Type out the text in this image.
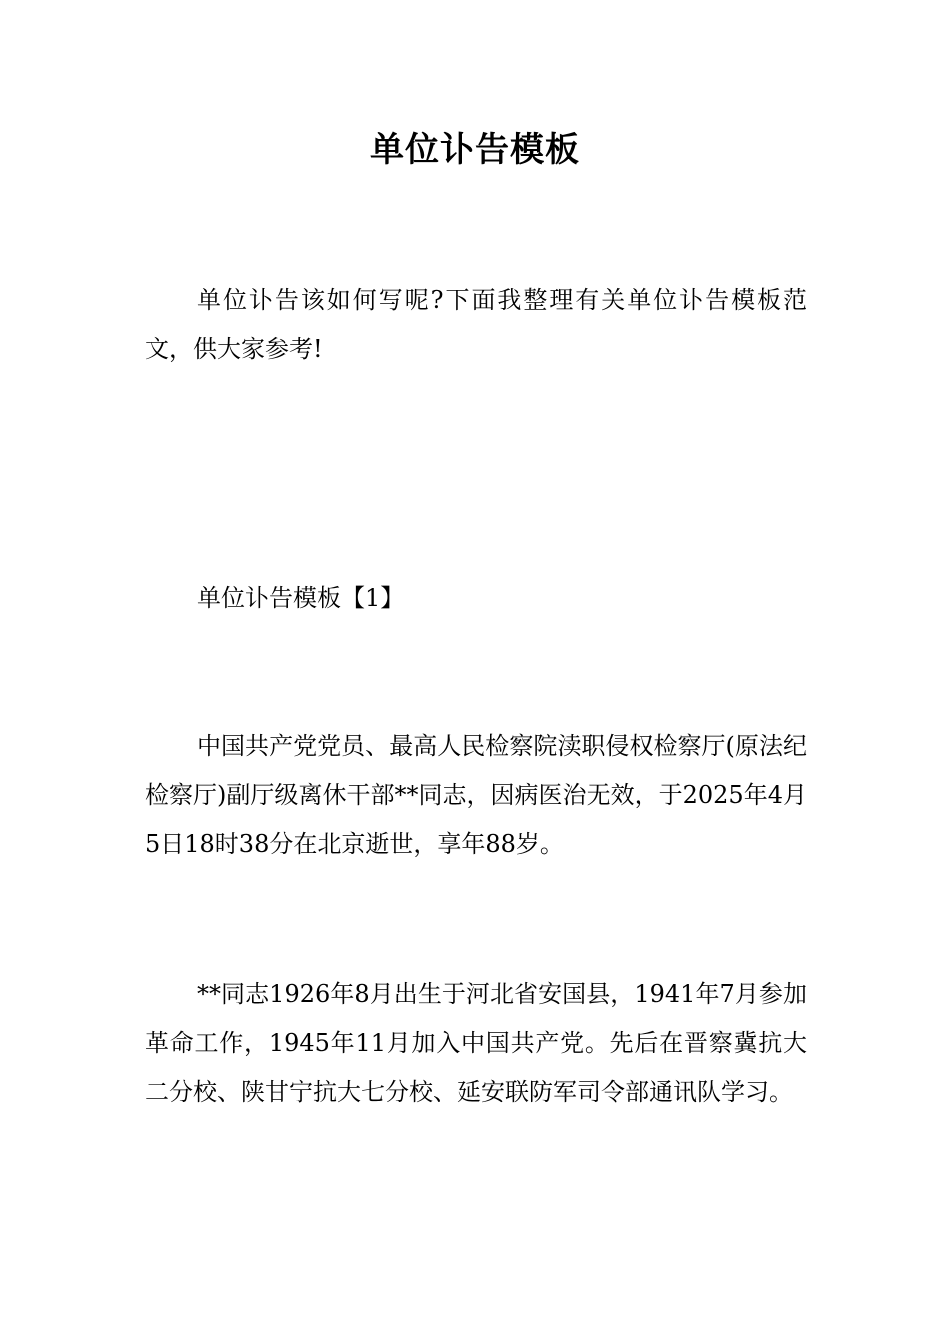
单位讣告模板

单位讣告该如何写呢?下面我整理有关单位讣告模板范文，供大家参考!

单位讣告模板【1】

中国共产党党员、最高人民检察院渎职侵权检察厅(原法纪检察厅)副厅级离休干部**同志，因病医治无效，于2025年4月5日18时38分在北京逝世，享年88岁。

**同志1926年8月出生于河北省安国县，1941年7月参加革命工作，1945年11月加入中国共产党。先后在晋察冀抗大二分校、陕甘宁抗大七分校、延安联防军司令部通讯队学习。
